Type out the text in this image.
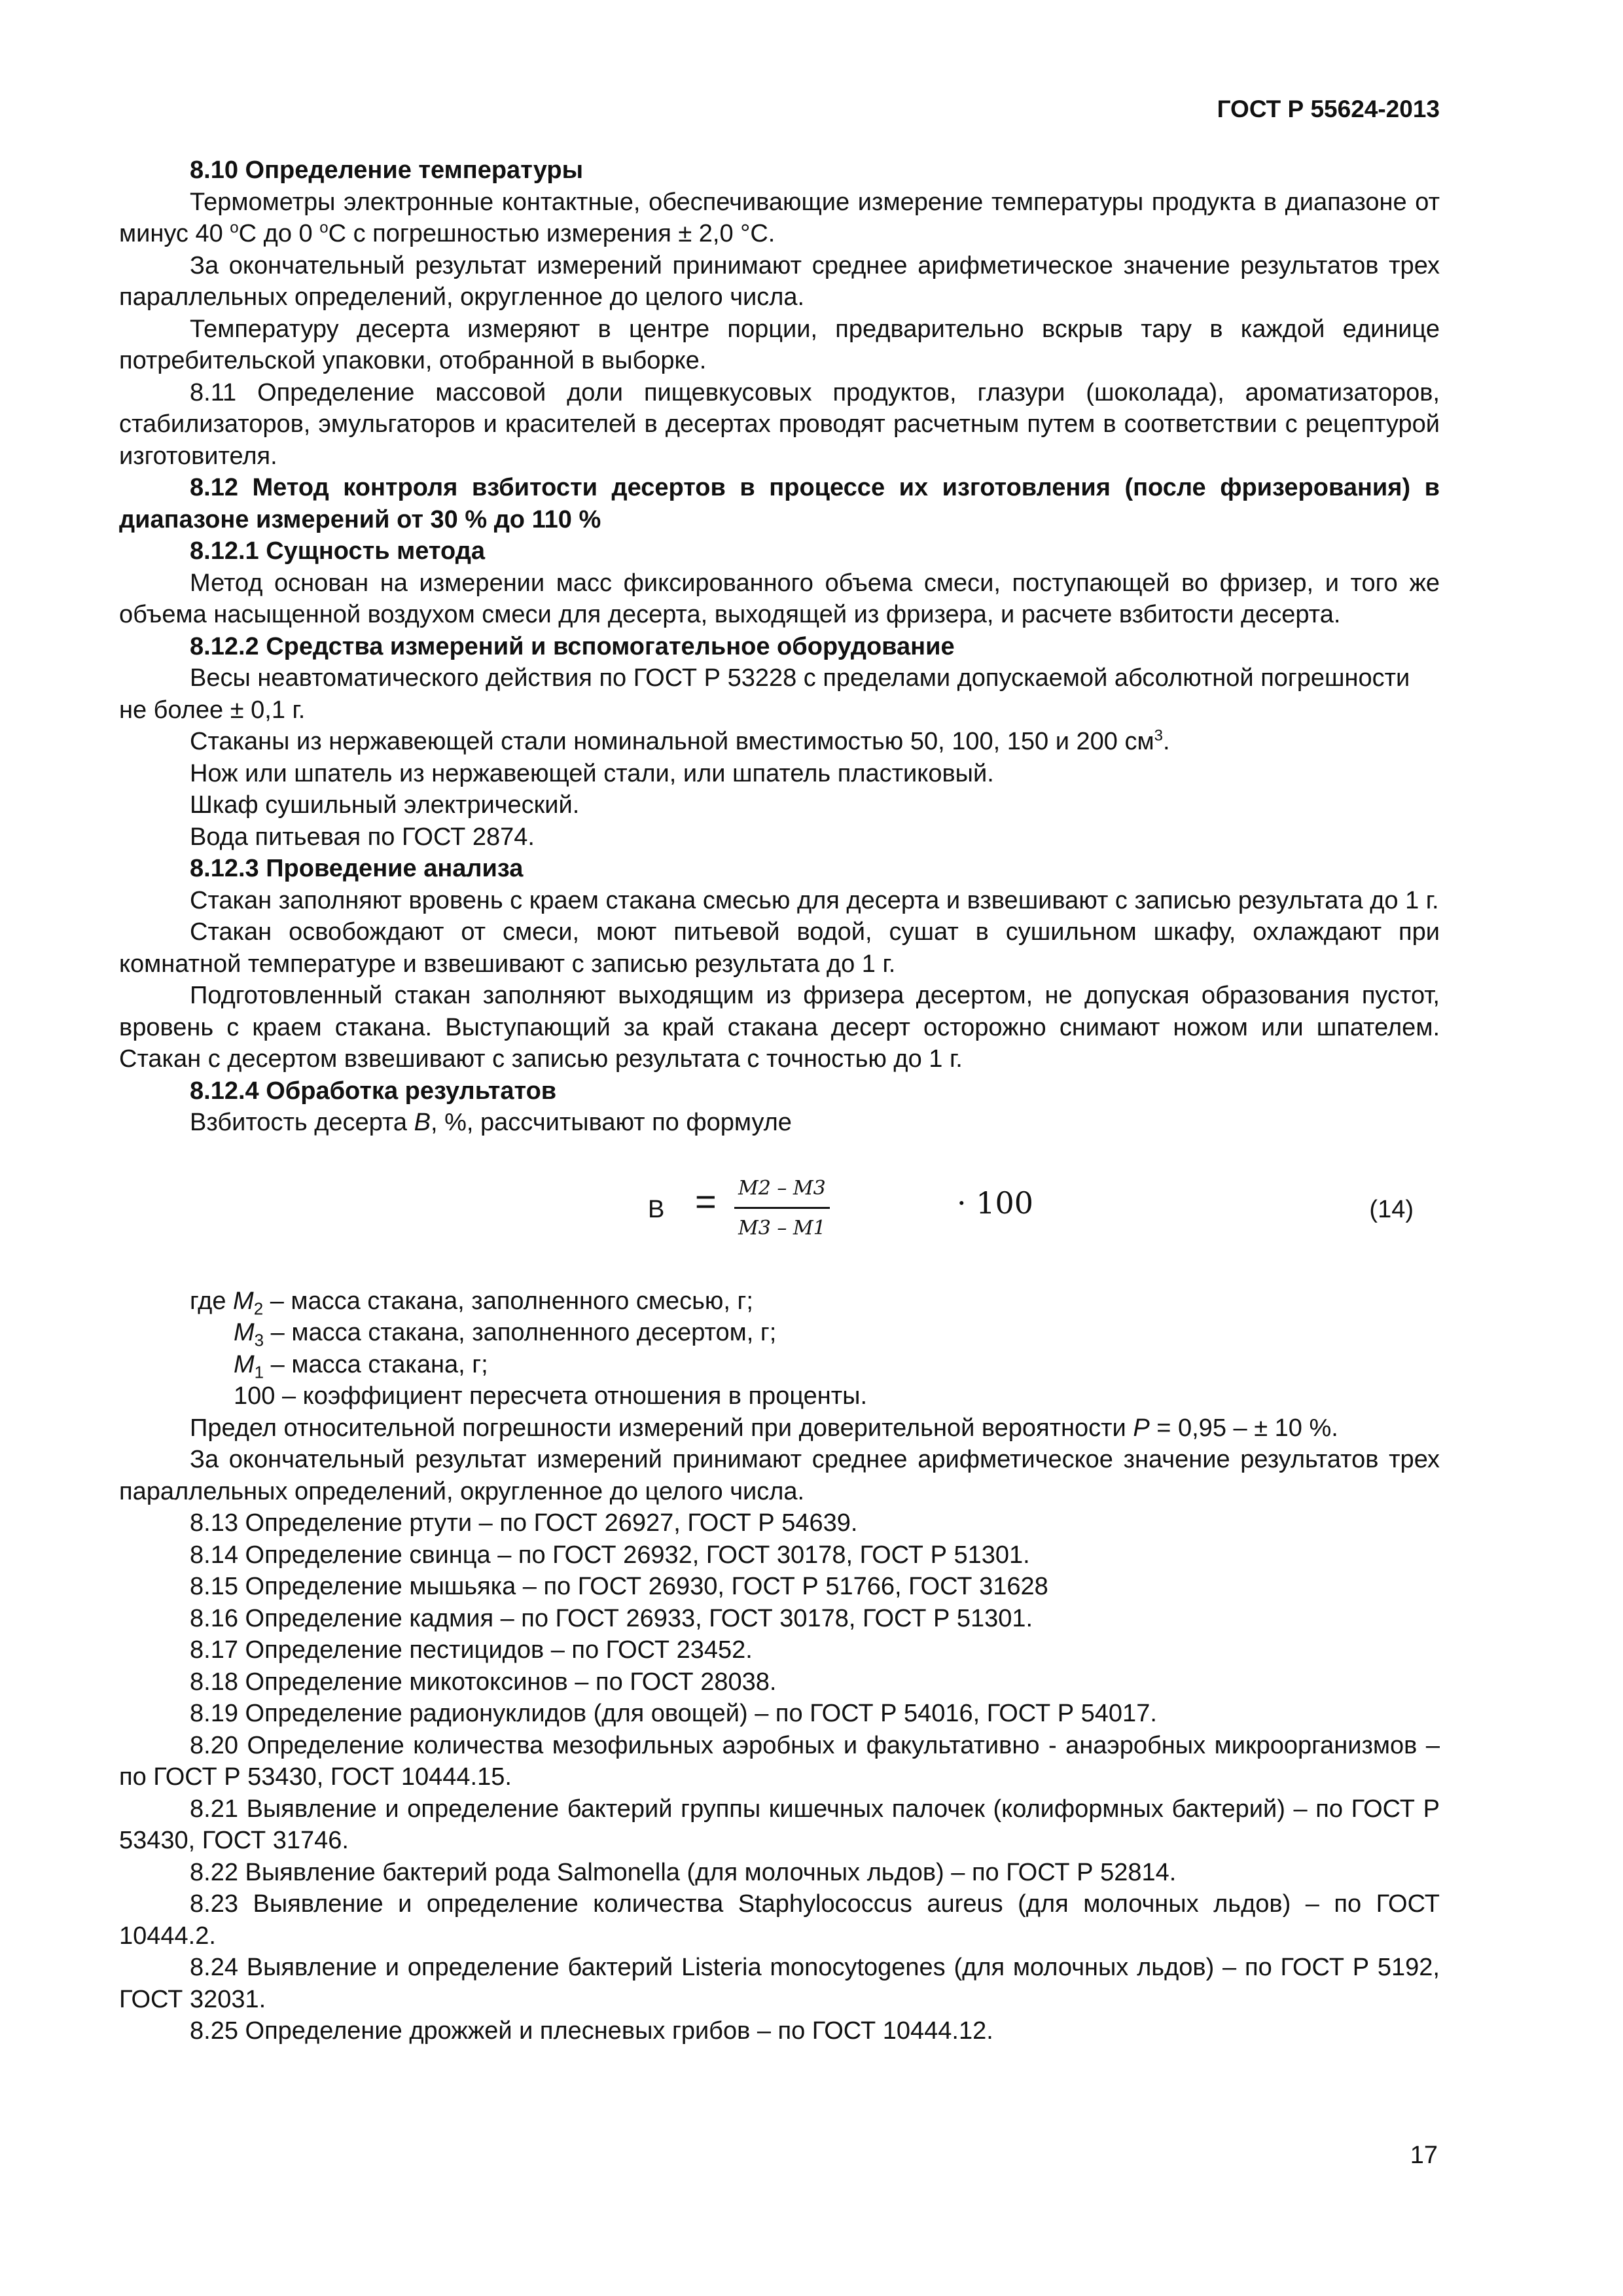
ГОСТ Р 55624-2013

8.10 Определение температуры

Термометры электронные контактные, обеспечивающие измерение температуры продукта в диапазоне от минус 40 $^o$С до 0 $^o$С с погрешностью измерения ± 2,0 °С.

За окончательный результат измерений принимают среднее арифметическое значение результатов трех параллельных определений, округленное до целого числа.

Температуру десерта измеряют в центре порции, предварительно вскрыв тару в каждой единице потребительской упаковки, отобранной в выборке.

8.11 Определение массовой доли пищевкусовых продуктов, глазури (шоколада), ароматизаторов, стабилизаторов, эмульгаторов и красителей в десертах проводят расчетным путем в соответствии с рецептурой изготовителя.

8.12 Метод контроля взбитости десертов в процессе их изготовления (после фризерования) в диапазоне измерений от 30 % до 110 %

8.12.1 Сущность метода

Метод основан на измерении масс фиксированного объема смеси, поступающей во фризер, и того же объема насыщенной воздухом смеси для десерта, выходящей из фризера, и расчете взбитости десерта.

8.12.2 Средства измерений и вспомогательное оборудование

Весы неавтоматического действия по ГОСТ Р 53228 с пределами допускаемой абсолютной погрешности не более ± 0,1 г.

Стаканы из нержавеющей стали номинальной вместимостью 50, 100, 150 и 200 $см^3$.

Нож или шпатель из нержавеющей стали, или шпатель пластиковый.

Шкаф сушильный электрический.

Вода питьевая по ГОСТ 2874.

8.12.3 Проведение анализа

Стакан заполняют вровень с краем стакана смесью для десерта и взвешивают с записью результата до 1 г.

Стакан освобождают от смеси, моют питьевой водой, сушат в сушильном шкафу, охлаждают при комнатной температуре и взвешивают с записью результата до 1 г.

Подготовленный стакан заполняют выходящим из фризера десертом, не допуская образования пустот, вровень с краем стакана. Выступающий за край стакана десерт осторожно снимают ножом или шпателем. Стакан с десертом взвешивают с записью результата с точностью до 1 г.

8.12.4 Обработка результатов

Взбитость десерта В, %, рассчитывают по формуле

$В = \frac{M2 - M3}{M3 - M1}$	· 100	(14)

где $М_2$ – масса стакана, заполненного смесью, г;

$М_3$ – масса стакана, заполненного десертом, г;

$М_1$ – масса стакана, г;

100 – коэффициент пересчета отношения в проценты.

Предел относительной погрешности измерений при доверительной вероятности Р = 0,95 – ± 10 %.

За окончательный результат измерений принимают среднее арифметическое значение результатов трех параллельных определений, округленное до целого числа.

8.13 Определение ртути – по ГОСТ 26927, ГОСТ Р 54639.

8.14 Определение свинца – по ГОСТ 26932, ГОСТ 30178, ГОСТ Р 51301.

8.15 Определение мышьяка – по ГОСТ 26930, ГОСТ Р 51766, ГОСТ 31628

8.16 Определение кадмия – по ГОСТ 26933, ГОСТ 30178, ГОСТ Р 51301.

8.17 Определение пестицидов – по ГОСТ 23452.

8.18 Определение микотоксинов – по ГОСТ 28038.

8.19 Определение радионуклидов (для овощей) – по ГОСТ Р 54016, ГОСТ Р 54017.

8.20 Определение количества мезофильных аэробных и факультативно - анаэробных микроорганизмов – по ГОСТ Р 53430, ГОСТ 10444.15.

8.21 Выявление и определение бактерий группы кишечных палочек (колиформных бактерий) – по ГОСТ Р 53430, ГОСТ 31746.

8.22 Выявление бактерий рода Salmonella (для молочных льдов) – по ГОСТ Р 52814.

8.23 Выявление и определение количества Staphylococcus aureus (для молочных льдов) – по ГОСТ 10444.2.

8.24 Выявление и определение бактерий Listeria monocytogenes (для молочных льдов) – по ГОСТ Р 5192, ГОСТ 32031.

8.25 Определение дрожжей и плесневых грибов – по ГОСТ 10444.12.

17
